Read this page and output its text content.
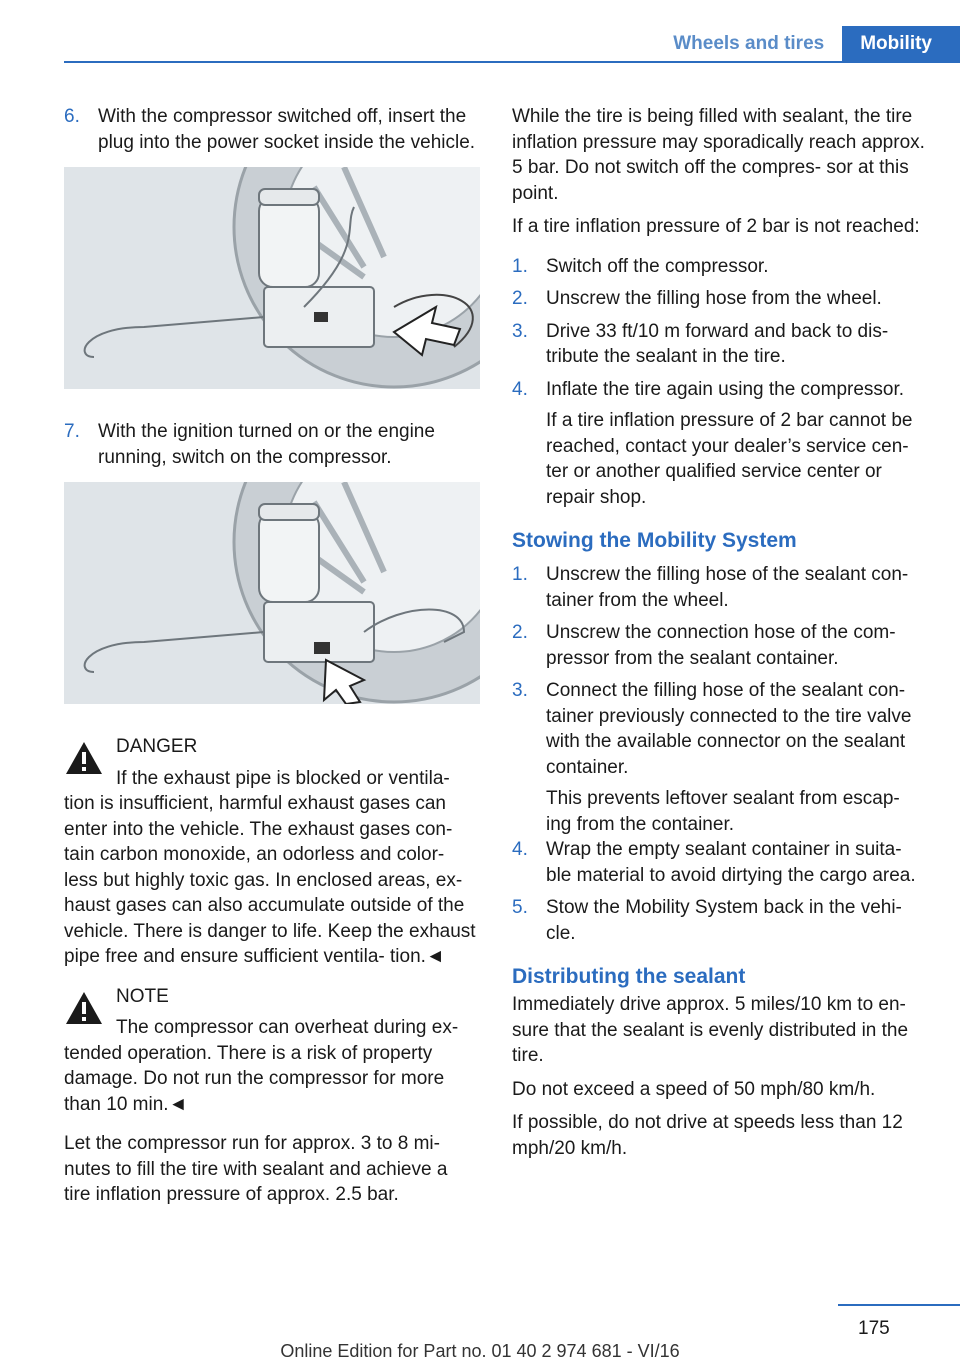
Wheels and tires	Mobility
6. With the compressor switched off, insert the plug into the power socket inside the vehicle.
7. With the ignition turned on or the engine running, switch on the compressor.
DANGER
If the exhaust pipe is blocked or ventila‐

tion is insufficient, harmful exhaust gases can enter into the vehicle. The exhaust gases con‐ tain carbon monoxide, an odorless and color‐ less but highly toxic gas. In enclosed areas, ex‐ haust gases can also accumulate outside of the vehicle. There is danger to life. Keep the exhaust pipe free and ensure sufficient ventila‐ tion.◄

NOTE
The compressor can overheat during ex‐

tended operation. There is a risk of property damage. Do not run the compressor for more than 10 min.◄

Let the compressor run for approx. 3 to 8 mi‐ nutes to fill the tire with sealant and achieve a tire inflation pressure of approx. 2.5 bar.

While the tire is being filled with sealant, the tire inflation pressure may sporadically reach approx. 5 bar. Do not switch off the compres‐ sor at this point.

If a tire inflation pressure of 2 bar is not reached:

1. Switch off the compressor.
2. Unscrew the filling hose from the wheel.
3. Drive 33 ft/10 m forward and back to dis‐ tribute the sealant in the tire.
4. Inflate the tire again using the compressor.

If a tire inflation pressure of 2 bar cannot be reached, contact your dealer’s service cen‐ ter or another qualified service center or repair shop.

Stowing the Mobility System
1. Unscrew the filling hose of the sealant con‐ tainer from the wheel.
2. Unscrew the connection hose of the com‐ pressor from the sealant container.
3. Connect the filling hose of the sealant con‐ tainer previously connected to the tire valve with the available connector on the sealant container.

This prevents leftover sealant from escap‐ ing from the container.

4. Wrap the empty sealant container in suita‐ ble material to avoid dirtying the cargo area.
5. Stow the Mobility System back in the vehi‐ cle.
Distributing the sealant

Immediately drive approx. 5 miles/10 km to en‐ sure that the sealant is evenly distributed in the tire.

Do not exceed a speed of 50 mph/80 km/h.

If possible, do not drive at speeds less than 12 mph/20 km/h.

175
Online Edition for Part no. 01 40 2 974 681 - VI/16
